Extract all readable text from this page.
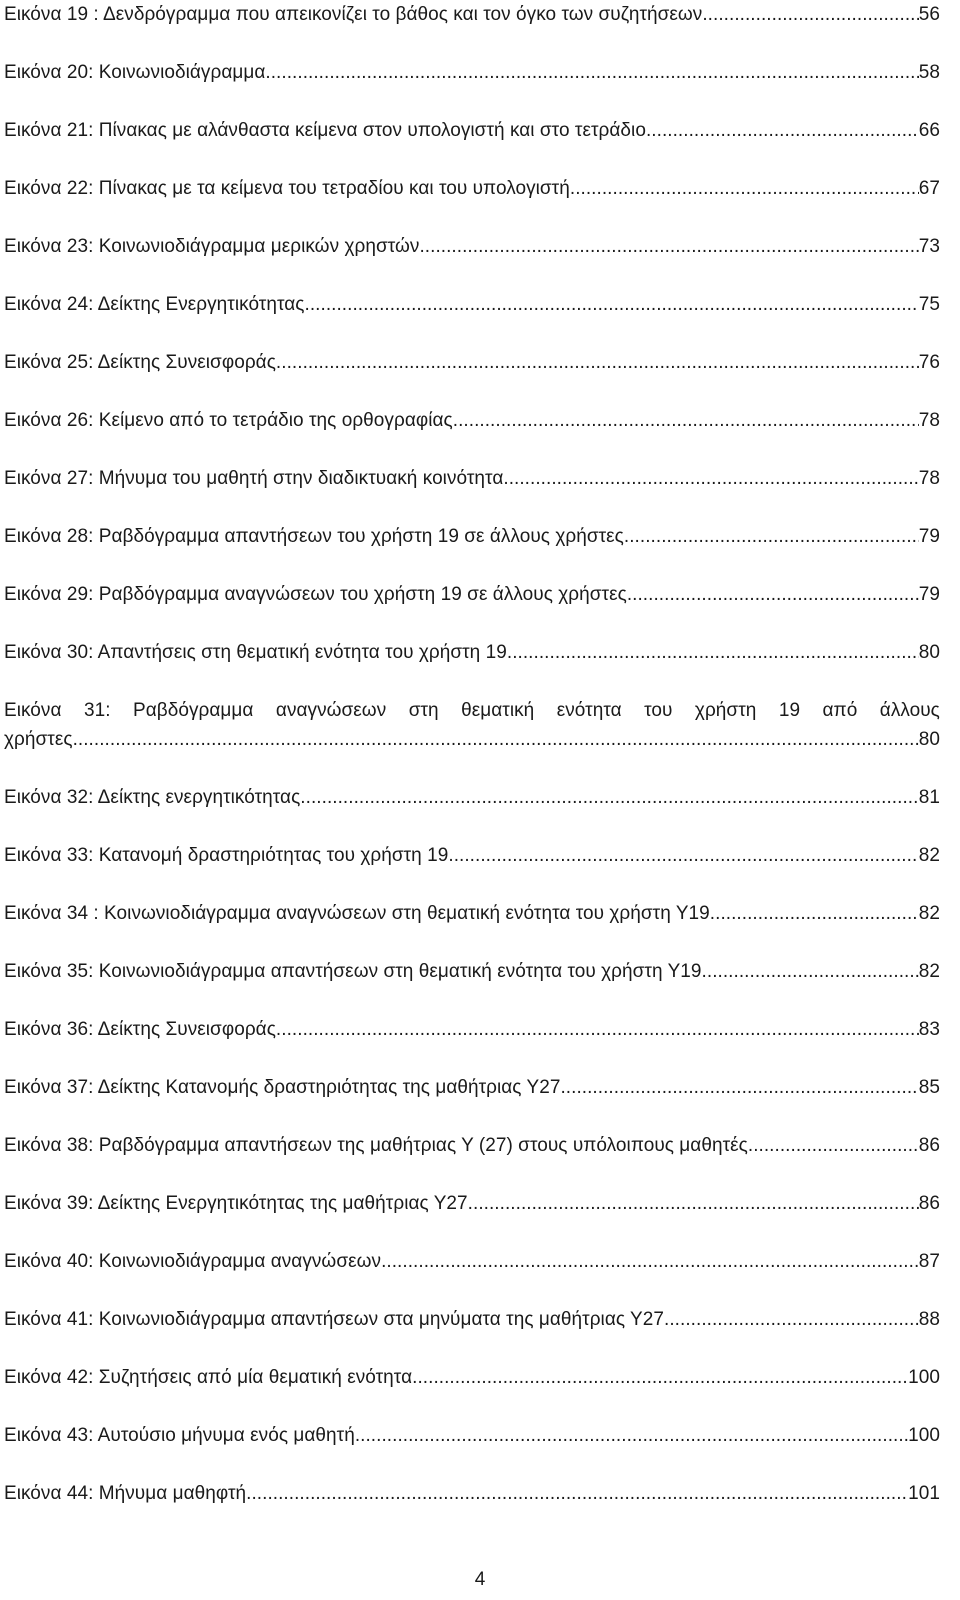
Εικόνα 19 : Δενδρόγραμμα που απεικονίζει το βάθος και τον όγκο των συζητήσεων .....	56
Εικόνα 20: Κοινωνιοδιάγραμμα .....	58
Εικόνα 21: Πίνακας με αλάνθαστα κείμενα στον υπολογιστή και στο τετράδιο .....	66
Εικόνα 22: Πίνακας με τα κείμενα του τετραδίου και του υπολογιστή .....	67
Εικόνα 23: Κοινωνιοδιάγραμμα μερικών χρηστών .....	73
Εικόνα 24: Δείκτης Ενεργητικότητας .....	75
Εικόνα 25: Δείκτης Συνεισφοράς .....	76
Εικόνα 26: Κείμενο από το τετράδιο της ορθογραφίας .....	78
Εικόνα 27: Μήνυμα του μαθητή στην διαδικτυακή κοινότητα .....	78
Εικόνα 28: Ραβδόγραμμα απαντήσεων του χρήστη 19 σε άλλους χρήστες .....	79
Εικόνα 29: Ραβδόγραμμα αναγνώσεων του χρήστη 19 σε άλλους χρήστες .....	79
Εικόνα 30: Απαντήσεις στη θεματική ενότητα του χρήστη 19 .....	80
Εικόνα 31: Ραβδόγραμμα αναγνώσεων στη θεματική ενότητα του χρήστη 19 από άλλους
χρήστες .....	80
Εικόνα 32: Δείκτης ενεργητικότητας .....	81
Εικόνα 33: Κατανομή δραστηριότητας του χρήστη 19 .....	82
Εικόνα 34 : Κοινωνιοδιάγραμμα αναγνώσεων στη θεματική ενότητα του χρήστη Υ19 .....	82
Εικόνα 35: Κοινωνιοδιάγραμμα απαντήσεων στη θεματική ενότητα του χρήστη Υ19 .....	82
Εικόνα 36: Δείκτης Συνεισφοράς .....	83
Εικόνα 37: Δείκτης Κατανομής δραστηριότητας της μαθήτριας Υ27 .....	85
Εικόνα 38: Ραβδόγραμμα απαντήσεων της μαθήτριας Υ (27) στους υπόλοιπους μαθητές .....	86
Εικόνα 39: Δείκτης Ενεργητικότητας της μαθήτριας Υ27 .....	86
Εικόνα 40: Κοινωνιοδιάγραμμα αναγνώσεων .....	87
Εικόνα 41: Κοινωνιοδιάγραμμα απαντήσεων στα μηνύματα της μαθήτριας Υ27 .....	88
Εικόνα 42: Συζητήσεις από μία θεματική ενότητα .....	100
Εικόνα 43: Αυτούσιο μήνυμα ενός μαθητή .....	100
Εικόνα 44: Μήνυμα μαθηφτή .....	101
4
